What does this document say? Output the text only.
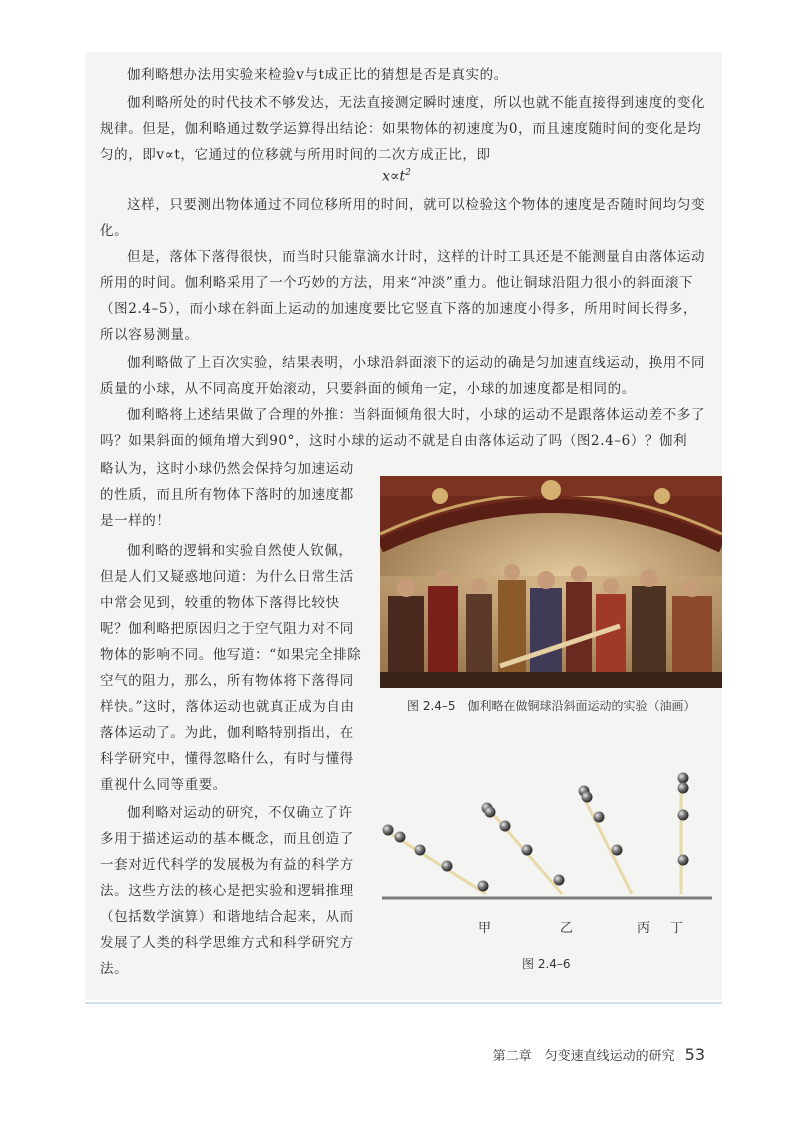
伽利略想办法用实验来检验v与t成正比的猜想是否是真实的。

伽利略所处的时代技术不够发达，无法直接测定瞬时速度，所以也就不能直接得到速度的变化规律。但是，伽利略通过数学运算得出结论：如果物体的初速度为0，而且速度随时间的变化是均匀的，即v∝t，它通过的位移就与所用时间的二次方成正比，即

$x\propto t^2$

这样，只要测出物体通过不同位移所用的时间，就可以检验这个物体的速度是否随时间均匀变化。

但是，落体下落得很快，而当时只能靠滴水计时，这样的计时工具还是不能测量自由落体运动所用的时间。伽利略采用了一个巧妙的方法，用来“冲淡”重力。他让铜球沿阻力很小的斜面滚下（图2.4–5），而小球在斜面上运动的加速度要比它竖直下落的加速度小得多，所用时间长得多，所以容易测量。

伽利略做了上百次实验，结果表明，小球沿斜面滚下的运动的确是匀加速直线运动，换用不同质量的小球，从不同高度开始滚动，只要斜面的倾角一定，小球的加速度都是相同的。

伽利略将上述结果做了合理的外推：当斜面倾角很大时，小球的运动不是跟落体运动差不多了吗？如果斜面的倾角增大到90°，这时小球的运动不就是自由落体运动了吗（图2.4–6）？伽利

略认为，这时小球仍然会保持匀加速运动的性质，而且所有物体下落时的加速度都是一样的！

伽利略的逻辑和实验自然使人钦佩，但是人们又疑惑地问道：为什么日常生活中常会见到，较重的物体下落得比较快呢？伽利略把原因归之于空气阻力对不同物体的影响不同。他写道：“如果完全排除空气的阻力，那么，所有物体将下落得同样快。”这时，落体运动也就真正成为自由落体运动了。为此，伽利略特别指出，在科学研究中，懂得忽略什么，有时与懂得重视什么同等重要。

伽利略对运动的研究，不仅确立了许多用于描述运动的基本概念，而且创造了一套对近代科学的发展极为有益的科学方法。这些方法的核心是把实验和逻辑推理（包括数学演算）和谐地结合起来，从而发展了人类的科学思维方式和科学研究方法。

图 2.4–5　伽利略在做铜球沿斜面运动的实验（油画）
甲	乙	丙 丁
图 2.4–6
第二章　匀变速直线运动的研究 53
